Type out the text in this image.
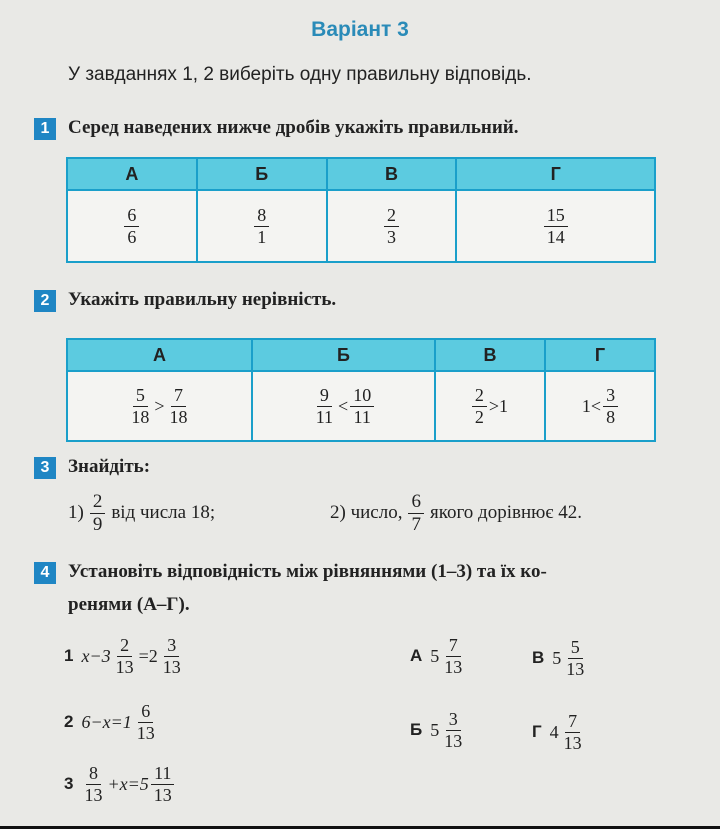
Варіант 3
У завданнях 1, 2 виберіть одну правильну відповідь.
1 Серед наведених нижче дробів укажіть правильний.
А	Б	В	Г

$\frac{6}{6}$	$\frac{8}{1}$	$\frac{2}{3}$	$\frac{15}{14}$
2 Укажіть правильну нерівність.
А	Б	В	Г

$\frac{5}{18} > \frac{7}{18}$	$\frac{9}{11} < \frac{10}{11}$	$\frac{2}{2} >1$	$1< \frac{3}{8}$
3 Знайдіть:
$1) \frac{2}{9}$ від числа 18;	2) число, $\frac{6}{7}$ якого дорівнює 42.
4 Установіть відповідність між рівняннями (1–3) та їх ко-
ренями (А–Г).
1 $x-3 \frac{2}{13} =2 \frac{3}{13}$
2 $6-x=1 \frac{6}{13}$
$3 \frac{8}{13} +x=5 \frac{11}{13}$
А $5 \frac{7}{13}$	В $5 \frac{5}{13}$
Б $5 \frac{3}{13}$	Г $4 \frac{7}{13}$
